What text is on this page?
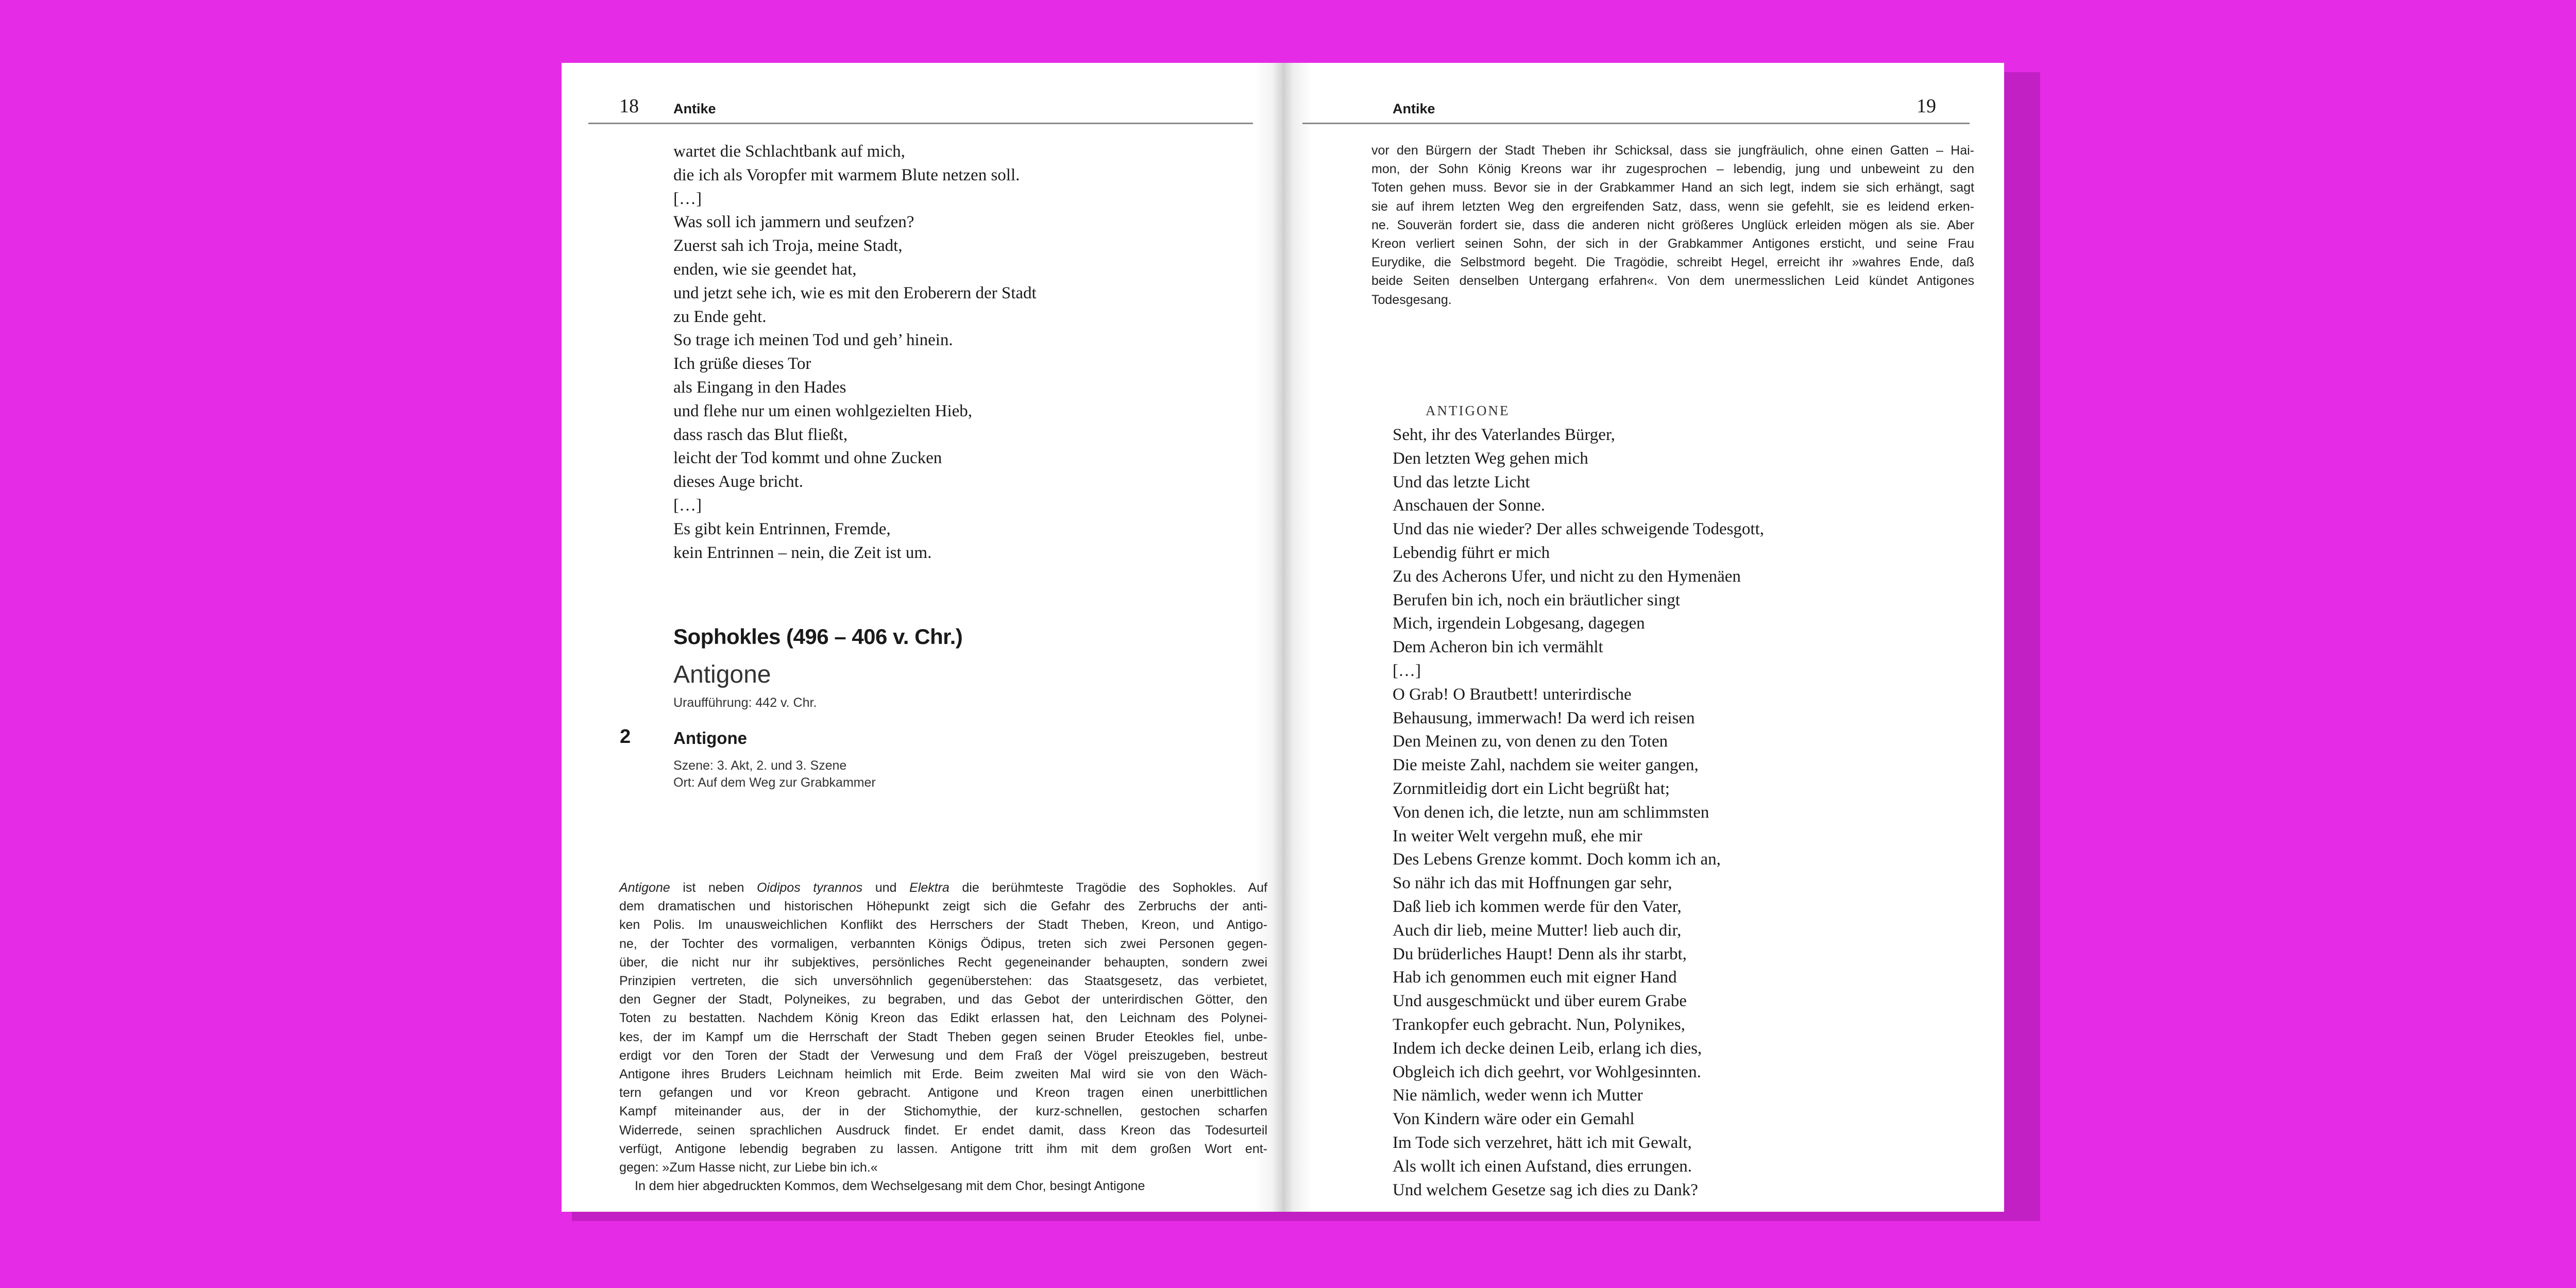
18 Antike
wartet die Schlachtbank auf mich,
die ich als Voropfer mit warmem Blute netzen soll.
[…]
Was soll ich jammern und seufzen?
Zuerst sah ich Troja, meine Stadt,
enden, wie sie geendet hat,
und jetzt sehe ich, wie es mit den Eroberern der Stadt
zu Ende geht.
So trage ich meinen Tod und geh’ hinein.
Ich grüße dieses Tor
als Eingang in den Hades
und flehe nur um einen wohlgezielten Hieb,
dass rasch das Blut fließt,
leicht der Tod kommt und ohne Zucken
dieses Auge bricht.
[…]
Es gibt kein Entrinnen, Fremde,
kein Entrinnen – nein, die Zeit ist um.
Sophokles (496 – 406 v. Chr.)
Antigone
Uraufführung: 442 v. Chr.
2	Antigone
Szene: 3. Akt, 2. und 3. Szene
Ort: Auf dem Weg zur Grabkammer
Antigone ist neben Oidipos tyrannos und Elektra die berühmteste Tragödie des Sophokles. Auf
dem dramatischen und historischen Höhepunkt zeigt sich die Gefahr des Zerbruchs der anti-
ken Polis. Im unausweichlichen Konflikt des Herrschers der Stadt Theben, Kreon, und Antigo-
ne, der Tochter des vormaligen, verbannten Königs Ödipus, treten sich zwei Personen gegen-
über, die nicht nur ihr subjektives, persönliches Recht gegeneinander behaupten, sondern zwei
Prinzipien vertreten, die sich unversöhnlich gegenüberstehen: das Staatsgesetz, das verbietet,
den Gegner der Stadt, Polyneikes, zu begraben, und das Gebot der unterirdischen Götter, den
Toten zu bestatten. Nachdem König Kreon das Edikt erlassen hat, den Leichnam des Polynei-
kes, der im Kampf um die Herrschaft der Stadt Theben gegen seinen Bruder Eteokles fiel, unbe-
erdigt vor den Toren der Stadt der Verwesung und dem Fraß der Vögel preiszugeben, bestreut
Antigone ihres Bruders Leichnam heimlich mit Erde. Beim zweiten Mal wird sie von den Wäch-
tern gefangen und vor Kreon gebracht. Antigone und Kreon tragen einen unerbittlichen
Kampf miteinander aus, der in der Stichomythie, der kurz-schnellen, gestochen scharfen
Widerrede, seinen sprachlichen Ausdruck findet. Er endet damit, dass Kreon das Todesurteil
verfügt, Antigone lebendig begraben zu lassen. Antigone tritt ihm mit dem großen Wort ent-
gegen: »Zum Hasse nicht, zur Liebe bin ich.«
In dem hier abgedruckten Kommos, dem Wechselgesang mit dem Chor, besingt Antigone
Antike	19
vor den Bürgern der Stadt Theben ihr Schicksal, dass sie jungfräulich, ohne einen Gatten – Hai-
mon, der Sohn König Kreons war ihr zugesprochen – lebendig, jung und unbeweint zu den
Toten gehen muss. Bevor sie in der Grabkammer Hand an sich legt, indem sie sich erhängt, sagt
sie auf ihrem letzten Weg den ergreifenden Satz, dass, wenn sie gefehlt, sie es leidend erken-
ne. Souverän fordert sie, dass die anderen nicht größeres Unglück erleiden mögen als sie. Aber
Kreon verliert seinen Sohn, der sich in der Grabkammer Antigones ersticht, und seine Frau
Eurydike, die Selbstmord begeht. Die Tragödie, schreibt Hegel, erreicht ihr »wahres Ende, daß
beide Seiten denselben Untergang erfahren«. Von dem unermesslichen Leid kündet Antigones
Todesgesang.
ANTIGONE
Seht, ihr des Vaterlandes Bürger,
Den letzten Weg gehen mich
Und das letzte Licht
Anschauen der Sonne.
Und das nie wieder? Der alles schweigende Todesgott,
Lebendig führt er mich
Zu des Acherons Ufer, und nicht zu den Hymenäen
Berufen bin ich, noch ein bräutlicher singt
Mich, irgendein Lobgesang, dagegen
Dem Acheron bin ich vermählt
[…]
O Grab! O Brautbett! unterirdische
Behausung, immerwach! Da werd ich reisen
Den Meinen zu, von denen zu den Toten
Die meiste Zahl, nachdem sie weiter gangen,
Zornmitleidig dort ein Licht begrüßt hat;
Von denen ich, die letzte, nun am schlimmsten
In weiter Welt vergehn muß, ehe mir
Des Lebens Grenze kommt. Doch komm ich an,
So nähr ich das mit Hoffnungen gar sehr,
Daß lieb ich kommen werde für den Vater,
Auch dir lieb, meine Mutter! lieb auch dir,
Du brüderliches Haupt! Denn als ihr starbt,
Hab ich genommen euch mit eigner Hand
Und ausgeschmückt und über eurem Grabe
Trankopfer euch gebracht. Nun, Polynikes,
Indem ich decke deinen Leib, erlang ich dies,
Obgleich ich dich geehrt, vor Wohlgesinnten.
Nie nämlich, weder wenn ich Mutter
Von Kindern wäre oder ein Gemahl
Im Tode sich verzehret, hätt ich mit Gewalt,
Als wollt ich einen Aufstand, dies errungen.
Und welchem Gesetze sag ich dies zu Dank?
